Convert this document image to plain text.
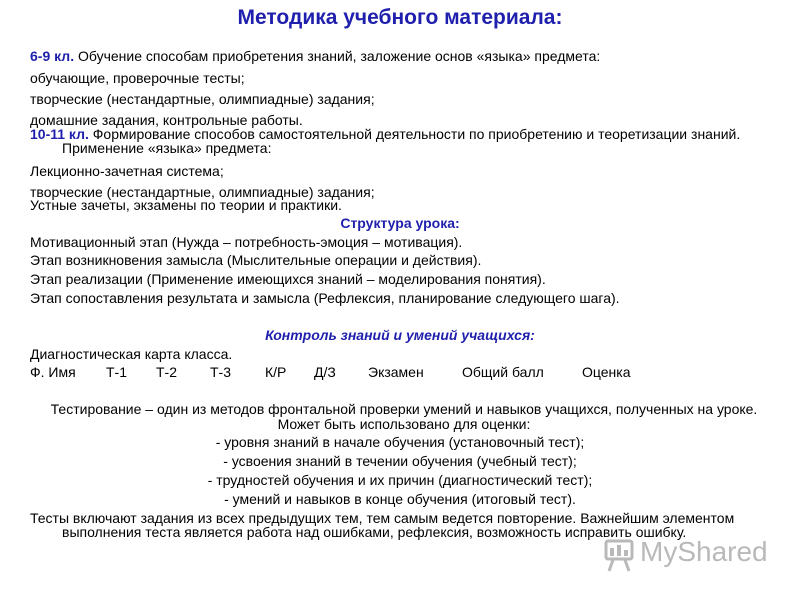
Методика учебного материала:
6-9 кл. Обучение способам приобретения знаний, заложение основ «языка» предмета:
обучающие, проверочные тесты;
творческие (нестандартные, олимпиадные) задания;
домашние задания, контрольные работы.
10-11 кл. Формирование способов самостоятельной деятельности по приобретению и теоретизации знаний. Применение «языка» предмета:
Лекционно-зачетная система;
творческие (нестандартные, олимпиадные) задания;
Устные зачеты, экзамены по теории и практики.
Структура урока:
Мотивационный этап (Нужда – потребность-эмоция – мотивация).
Этап возникновения замысла (Мыслительные операции и действия).
Этап реализации (Применение имеющихся знаний – моделирования понятия).
Этап сопоставления результата и замысла (Рефлексия, планирование следующего шага).
Контроль знаний и умений учащихся:
Диагностическая карта класса.
Ф. Имя Т-1 Т-2 Т-3 К/Р Д/З Экзамен	Общий балл	Оценка
Тестирование – один из методов фронтальной проверки умений и навыков учащихся, полученных на уроке. Может быть использовано для оценки:
- уровня знаний в начале обучения (установочный тест);
- усвоения знаний в течении обучения (учебный тест);
- трудностей обучения и их причин (диагностический тест);
- умений и навыков в конце обучения (итоговый тест).
Тесты включают задания из всех предыдущих тем, тем самым ведется повторение. Важнейшим элементом выполнения теста является работа над ошибками, рефлексия, возможность исправить ошибку.
MyShared
